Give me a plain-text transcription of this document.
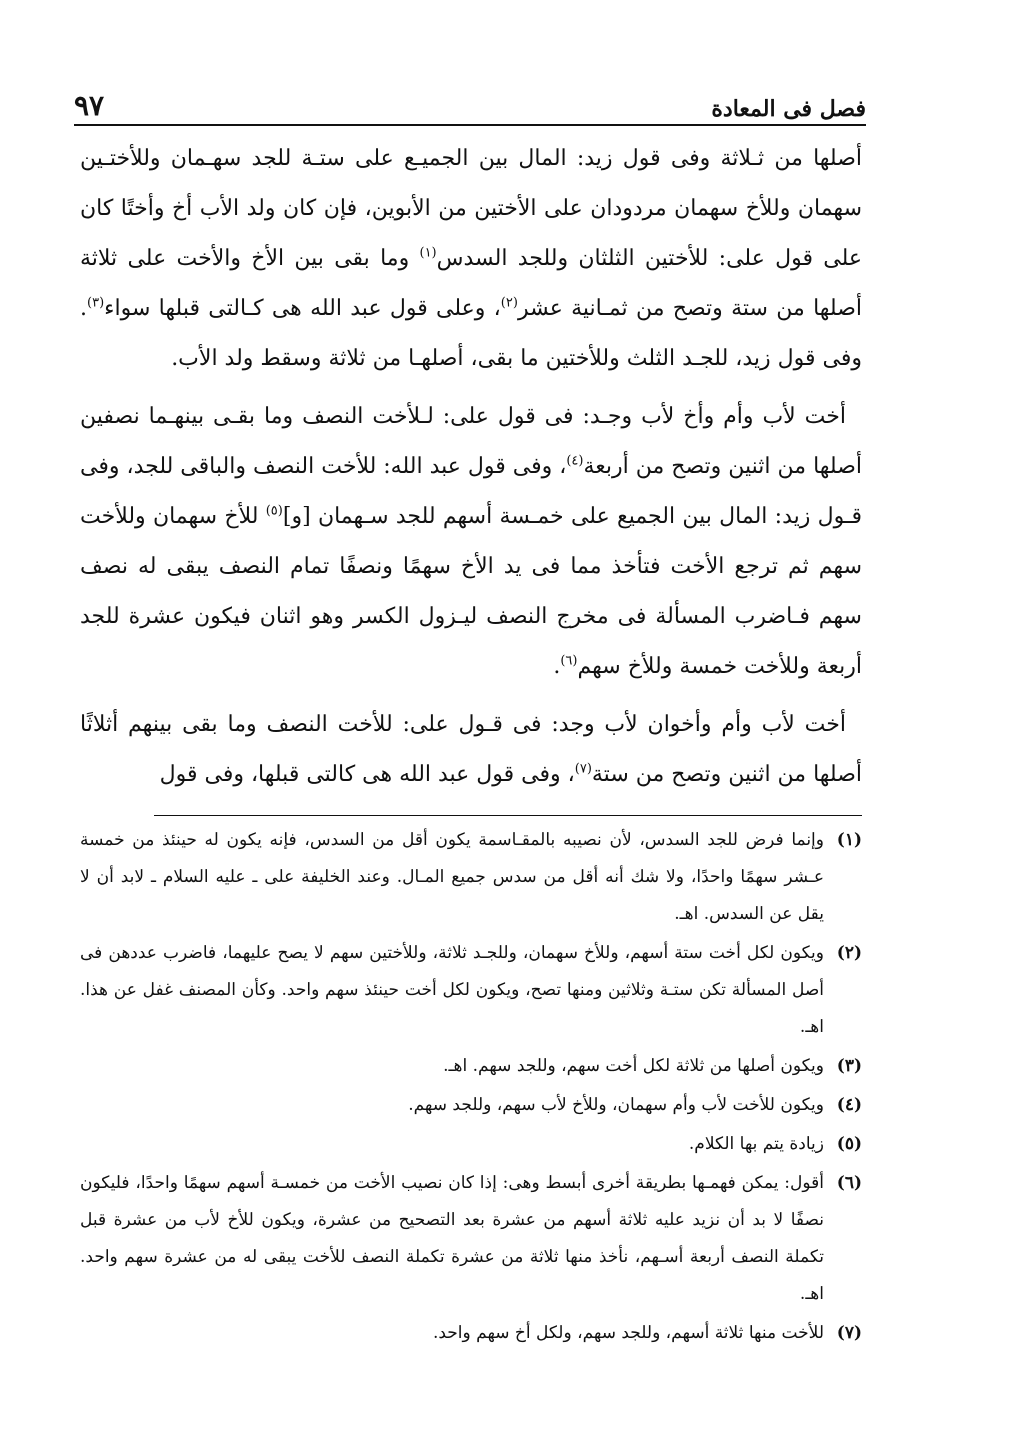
فصل فى المعادة
٩٧

أصلها من ثـلاثة وفى قول زيد: المال بين الجميـع على ستـة للجد سهـمان وللأختـين سهمان وللأخ سهمان مردودان على الأختين من الأبوين، فإن كان ولد الأب أخ وأختًا كان على قول على: للأختين الثلثان وللجد السدس$^{(١)}$ وما بقى بين الأخ والأخت على ثلاثة أصلها من ستة وتصح من ثمـانية عشر$^{(٢)}$، وعلى قول عبد الله هى كـالتى قبلها سواء$^{(٣)}$. وفى قول زيد، للجـد الثلث وللأختين ما بقى، أصلهـا من ثلاثة وسقط ولد الأب.

أخت لأب وأم وأخ لأب وجـد: فى قول على: لـلأخت النصف وما بقـى بينهـما نصفين أصلها من اثنين وتصح من أربعة$^{(٤)}$، وفى قول عبد الله: للأخت النصف والباقى للجد، وفى قـول زيد: المال بين الجميع على خمـسة أسهم للجد سـهمان [و]$^{(٥)}$ للأخ سهمان وللأخت سهم ثم ترجع الأخت فتأخذ مما فى يد الأخ سهمًا ونصفًا تمام النصف يبقى له نصف سهم فـاضرب المسألة فى مخرج النصف ليـزول الكسر وهو اثنان فيكون عشرة للجد أربعة وللأخت خمسة وللأخ سهم$^{(٦)}$.

أخت لأب وأم وأخوان لأب وجد: فى قـول على: للأخت النصف وما بقى بينهم أثلاثًا أصلها من اثنين وتصح من ستة$^{(٧)}$، وفى قول عبد الله هى كالتى قبلها، وفى قول

(١)
وإنما فرض للجد السدس، لأن نصيبه بالمقـاسمة يكون أقل من السدس، فإنه يكون له حينئذ من خمسة عـشر سهمًا واحدًا، ولا شك أنه أقل من سدس جميع المـال. وعند الخليفة على ـ عليه السلام ـ لابد أن لا يقل عن السدس. اهـ.
(٢)
ويكون لكل أخت ستة أسهم، وللأخ سهمان، وللجـد ثلاثة، وللأختين سهم لا يصح عليهما، فاضرب عددهن فى أصل المسألة تكن ستـة وثلاثين ومنها تصح، ويكون لكل أخت حينئذ سهم واحد. وكأن المصنف غفل عن هذا. اهـ.
(٣)
ويكون أصلها من ثلاثة لكل أخت سهم، وللجد سهم. اهـ.
(٤)
ويكون للأخت لأب وأم سهمان، وللأخ لأب سهم، وللجد سهم.
(٥)
زيادة يتم بها الكلام.
(٦)
أقول: يمكن فهمـها بطريقة أخرى أبسط وهى: إذا كان نصيب الأخت من خمسـة أسهم سهمًا واحدًا، فليكون نصفًا لا بد أن نزيد عليه ثلاثة أسهم من عشرة بعد التصحيح من عشرة، ويكون للأخ لأب من عشرة قبل تكملة النصف أربعة أسـهم، نأخذ منها ثلاثة من عشرة تكملة النصف للأخت يبقى له من عشرة سهم واحد. اهـ.
(٧)
للأخت منها ثلاثة أسهم، وللجد سهم، ولكل أخ سهم واحد.
